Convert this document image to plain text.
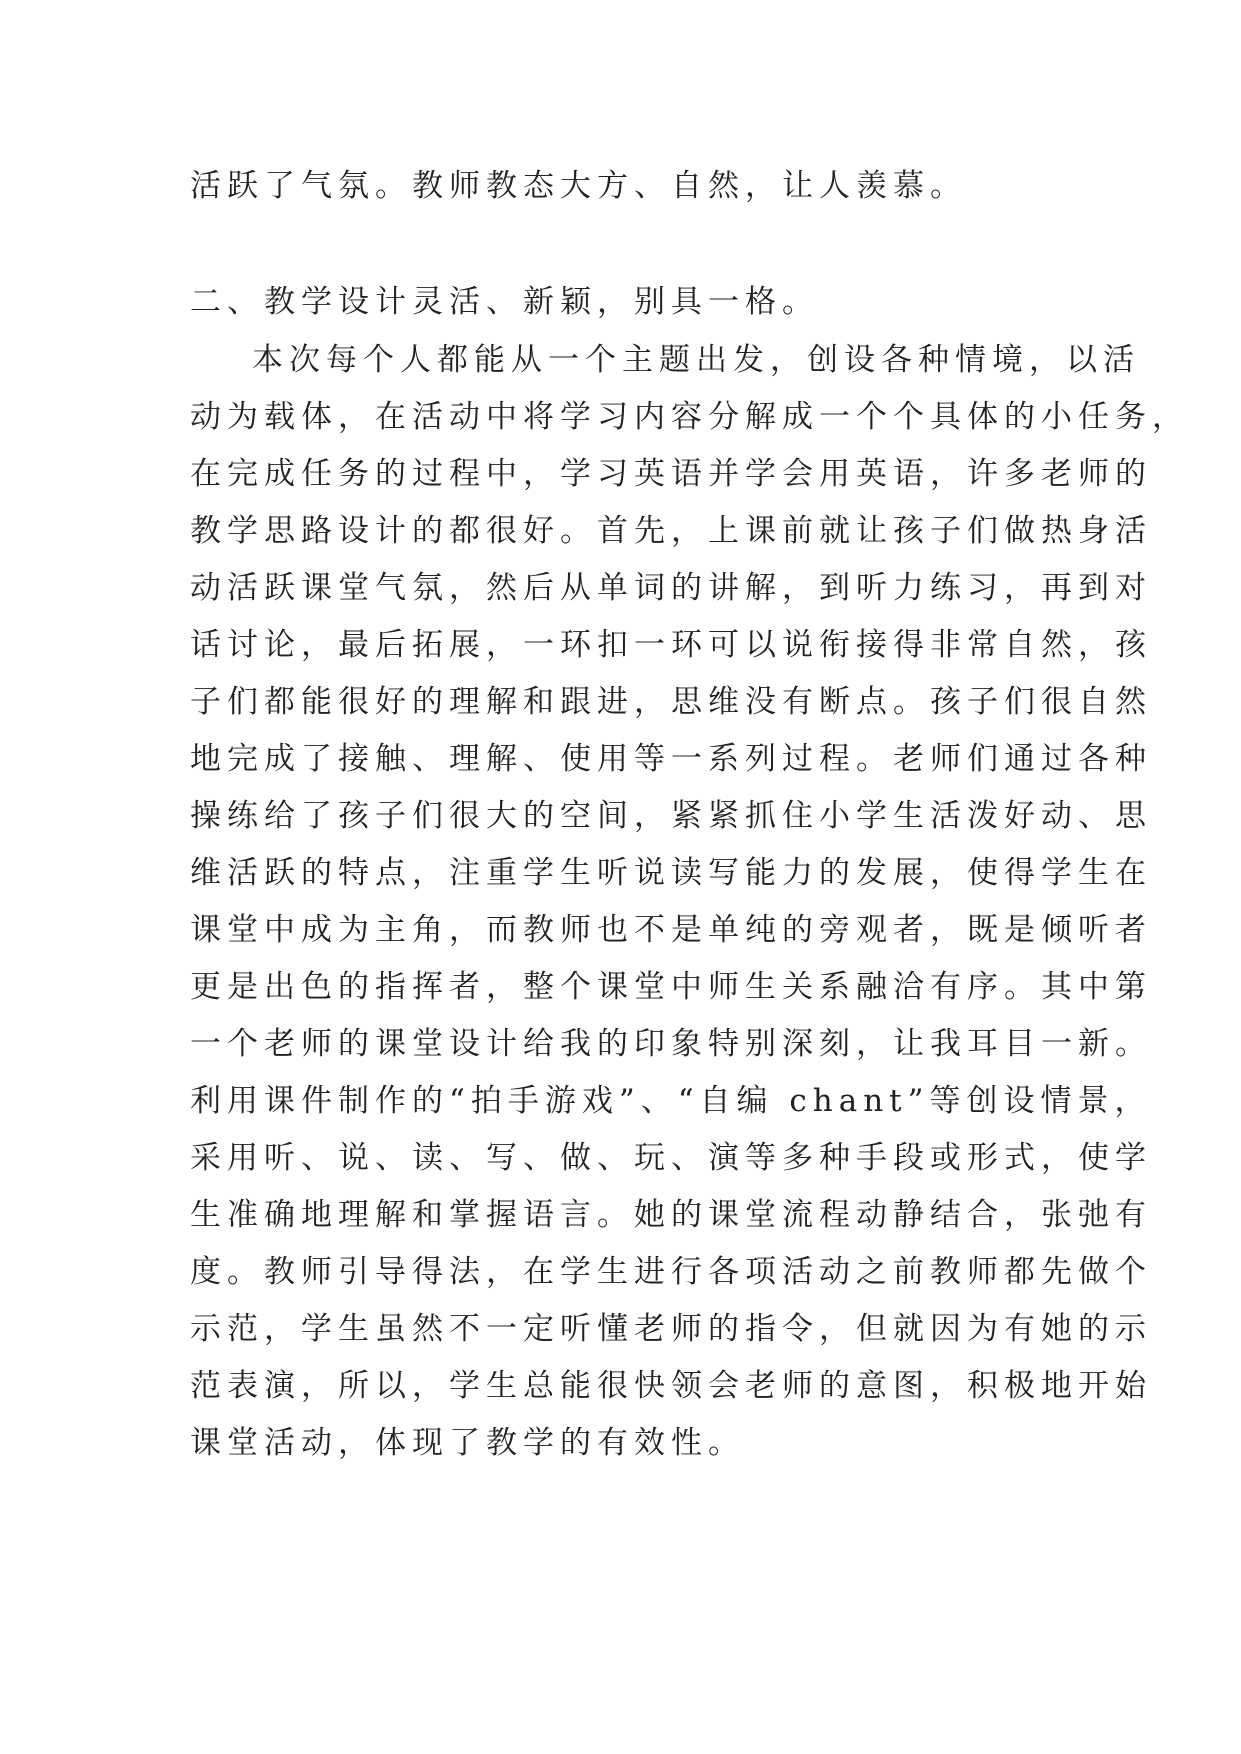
活跃了气氛。教师教态大方、自然，让人羡慕。

二、教学设计灵活、新颖，别具一格。

本次每个人都能从一个主题出发，创设各种情境，以活

动为载体，在活动中将学习内容分解成一个个具体的小任务，

在完成任务的过程中，学习英语并学会用英语，许多老师的

教学思路设计的都很好。首先，上课前就让孩子们做热身活

动活跃课堂气氛，然后从单词的讲解，到听力练习，再到对

话讨论，最后拓展，一环扣一环可以说衔接得非常自然，孩

子们都能很好的理解和跟进，思维没有断点。孩子们很自然

地完成了接触、理解、使用等一系列过程。老师们通过各种

操练给了孩子们很大的空间，紧紧抓住小学生活泼好动、思

维活跃的特点，注重学生听说读写能力的发展，使得学生在

课堂中成为主角，而教师也不是单纯的旁观者，既是倾听者

更是出色的指挥者，整个课堂中师生关系融洽有序。其中第

一个老师的课堂设计给我的印象特别深刻，让我耳目一新。

利用课件制作的“拍手游戏”、“自编 chant”等创设情景，

采用听、说、读、写、做、玩、演等多种手段或形式，使学

生准确地理解和掌握语言。她的课堂流程动静结合，张弛有

度。教师引导得法，在学生进行各项活动之前教师都先做个

示范，学生虽然不一定听懂老师的指令，但就因为有她的示

范表演，所以，学生总能很快领会老师的意图，积极地开始

课堂活动，体现了教学的有效性。
